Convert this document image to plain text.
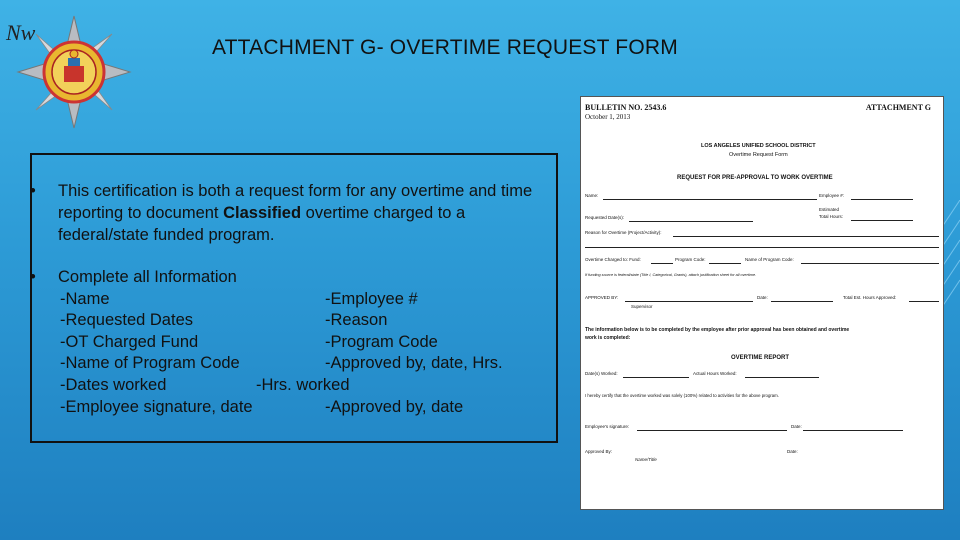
Nw
ATTACHMENT G- OVERTIME REQUEST FORM
• This certification is both a request form for any overtime and time reporting to document Classified overtime charged to a federal/state funded program.
• Complete all Information
-Name	-Employee #
-Requested Dates	-Reason
-OT Charged Fund	-Program Code
-Name of Program Code	-Approved by, date, Hrs.
-Dates worked	-Hrs. worked
-Employee signature, date	-Approved by, date
BULLETIN NO. 2543.6
October 1, 2013
ATTACHMENT G
LOS ANGELES UNIFIED SCHOOL DISTRICT
Overtime Request Form
REQUEST FOR PRE-APPROVAL TO WORK OVERTIME
Name:	Employee #:
Estimated
Requested Date(s):	Total Hours:
Reason for Overtime (Project/Activity):
Overtime Charged to: Fund:	Program Code:	Name of Program Code:
If funding source is federal/state (Title I, Categorical, Grants), attach justification sheet for all overtime.
APPROVED BY:
Supervisor
Date:	Total Est. Hours Approved:
The information below is to be completed by the employee after prior approval has been obtained and overtime
work is completed:
OVERTIME REPORT
Date(s) Worked:	Actual Hours Worked:
I hereby certify that the overtime worked was solely (100%) related to activities for the above program.
Employee's signature:	Date:
Approved By:
Name/Title
Date:
